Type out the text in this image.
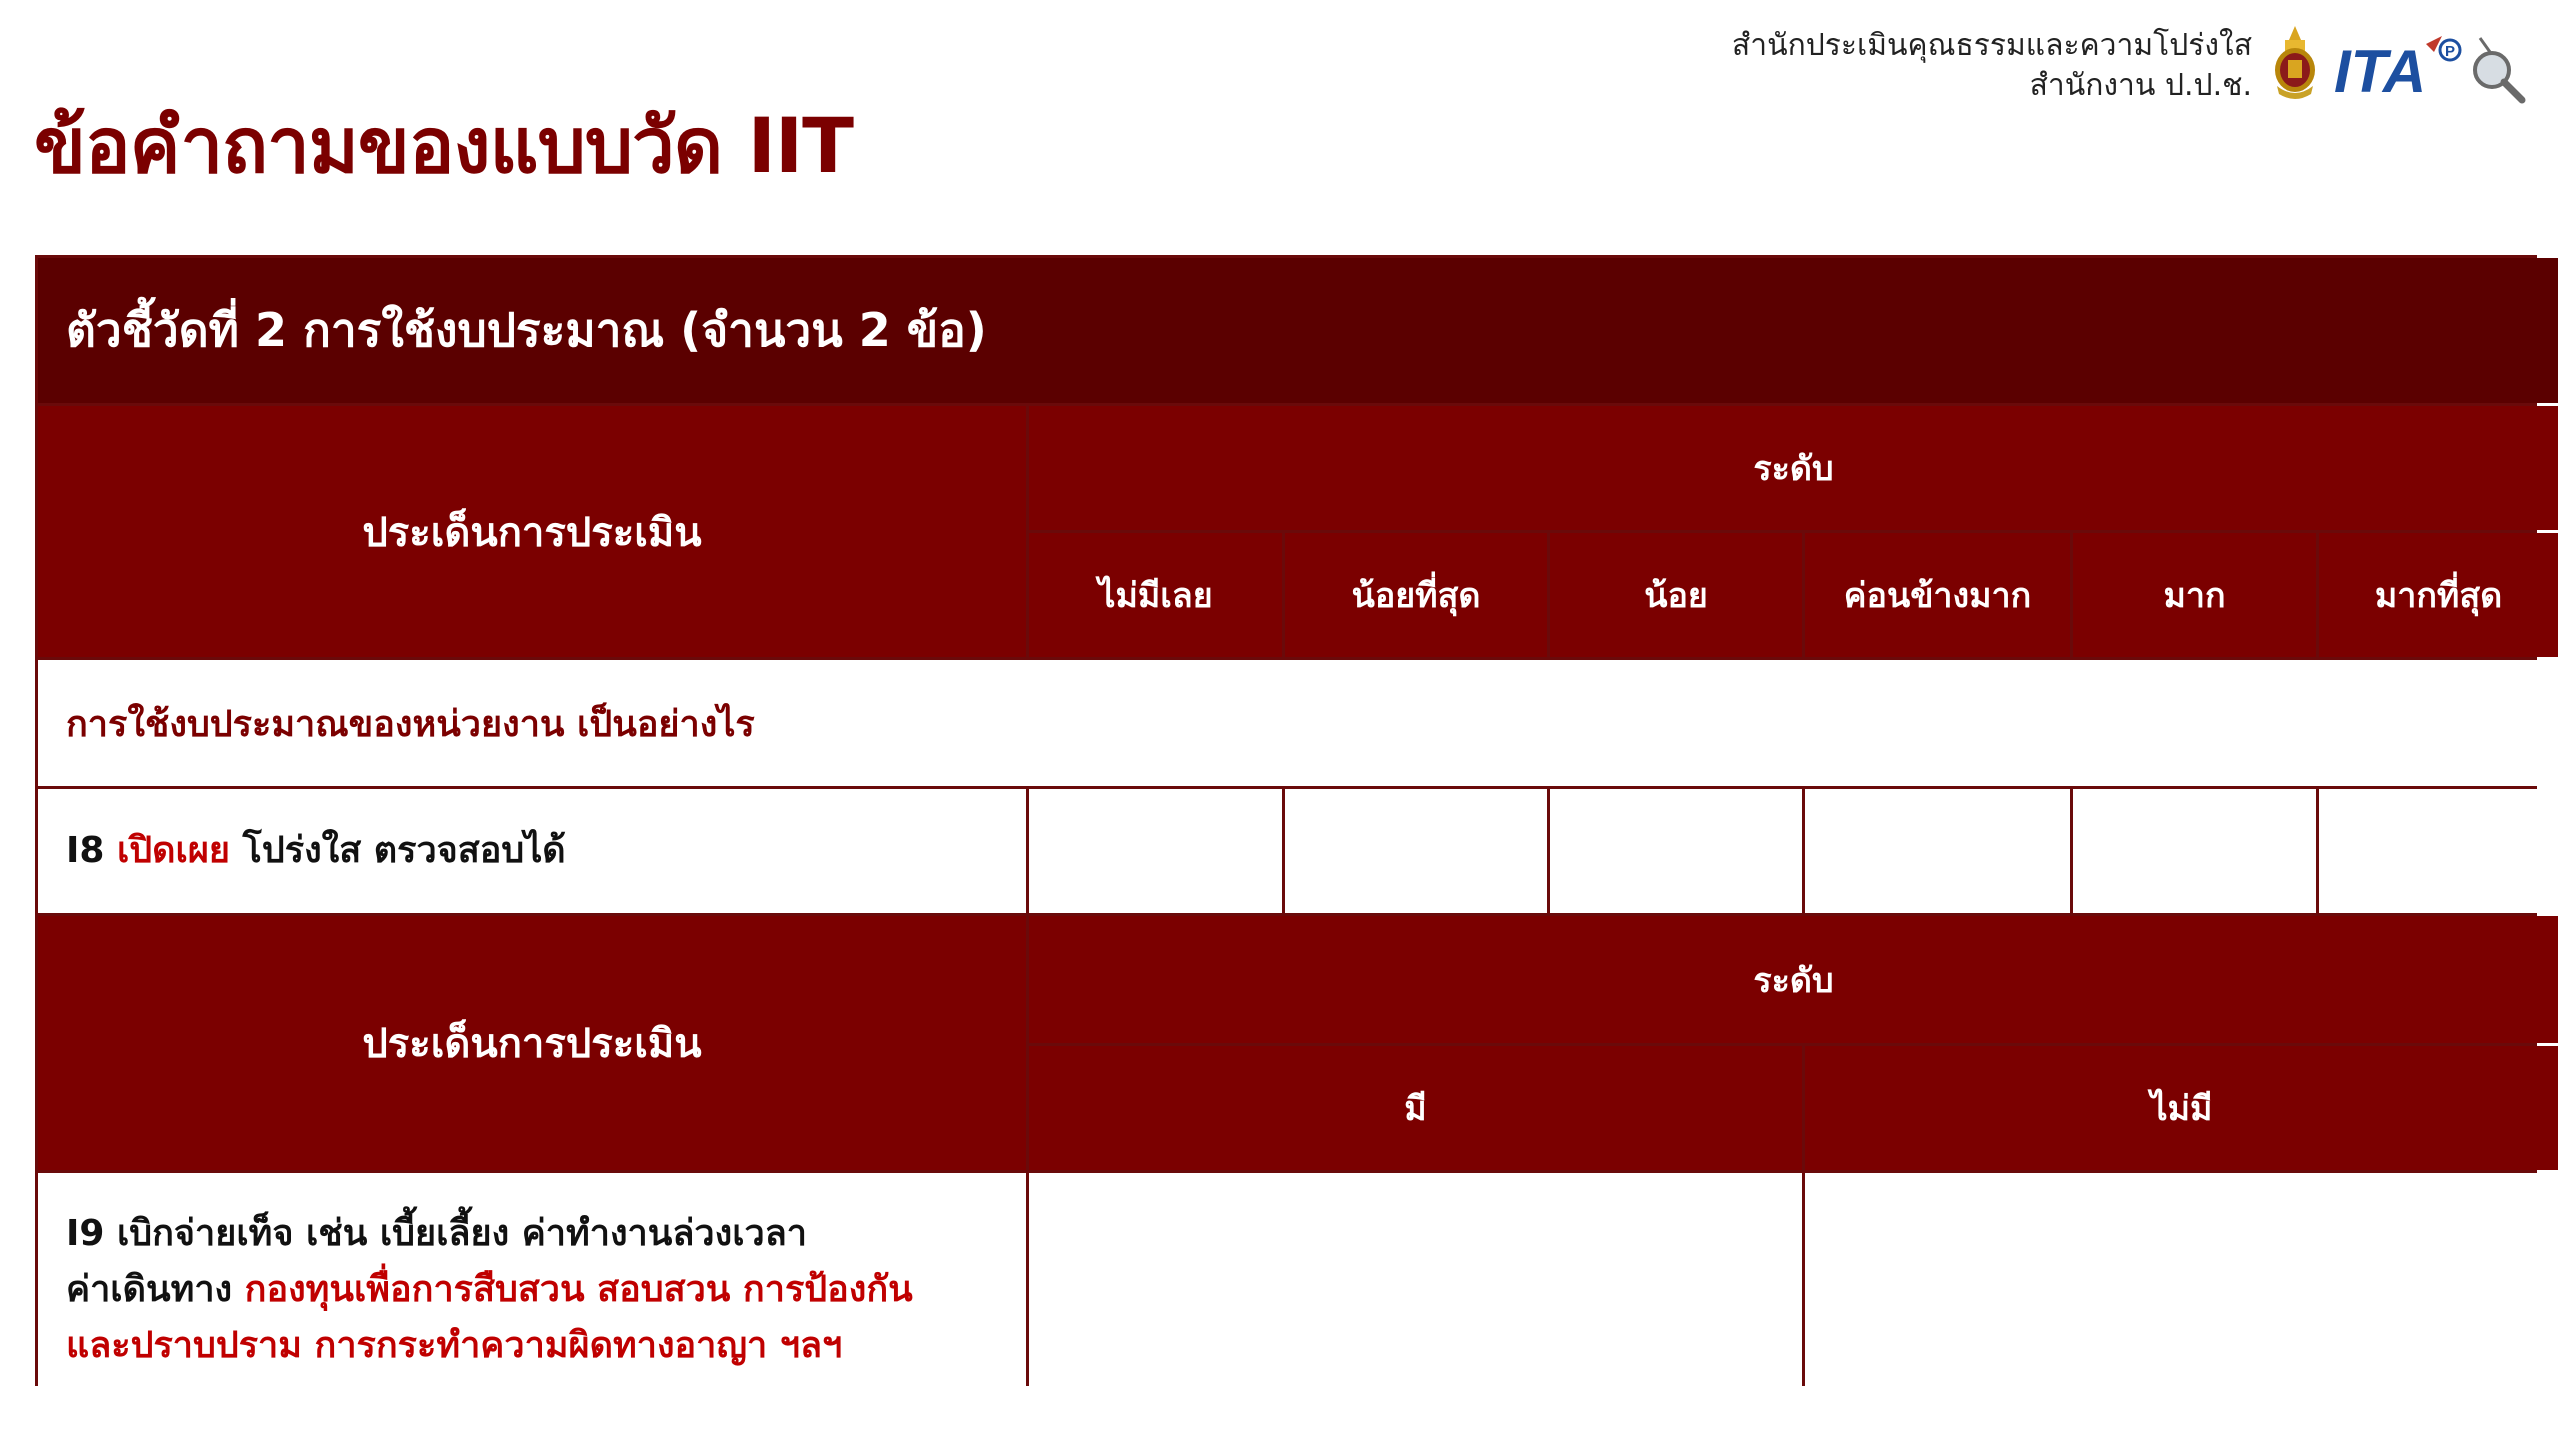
สำนักประเมินคุณธรรมและความโปร่งใส
สำนักงาน ป.ป.ช. ITA P
ข้อคำถามของแบบวัด IIT
ตัวชี้วัดที่ 2 การใช้งบประมาณ (จำนวน 2 ข้อ)
ประเด็นการประเมิน
ระดับ
ไม่มีเลย	น้อยที่สุด	น้อย	ค่อนข้างมาก	มาก	มากที่สุด
การใช้งบประมาณของหน่วยงาน เป็นอย่างไร
I8 เปิดเผย โปร่งใส ตรวจสอบได้
ประเด็นการประเมิน
ระดับ
มี	ไม่มี
I9 เบิกจ่ายเท็จ เช่น เบี้ยเลี้ยง ค่าทำงานล่วงเวลา
ค่าเดินทาง กองทุนเพื่อการสืบสวน สอบสวน การป้องกัน
และปราบปราม การกระทำความผิดทางอาญา ฯลฯ
